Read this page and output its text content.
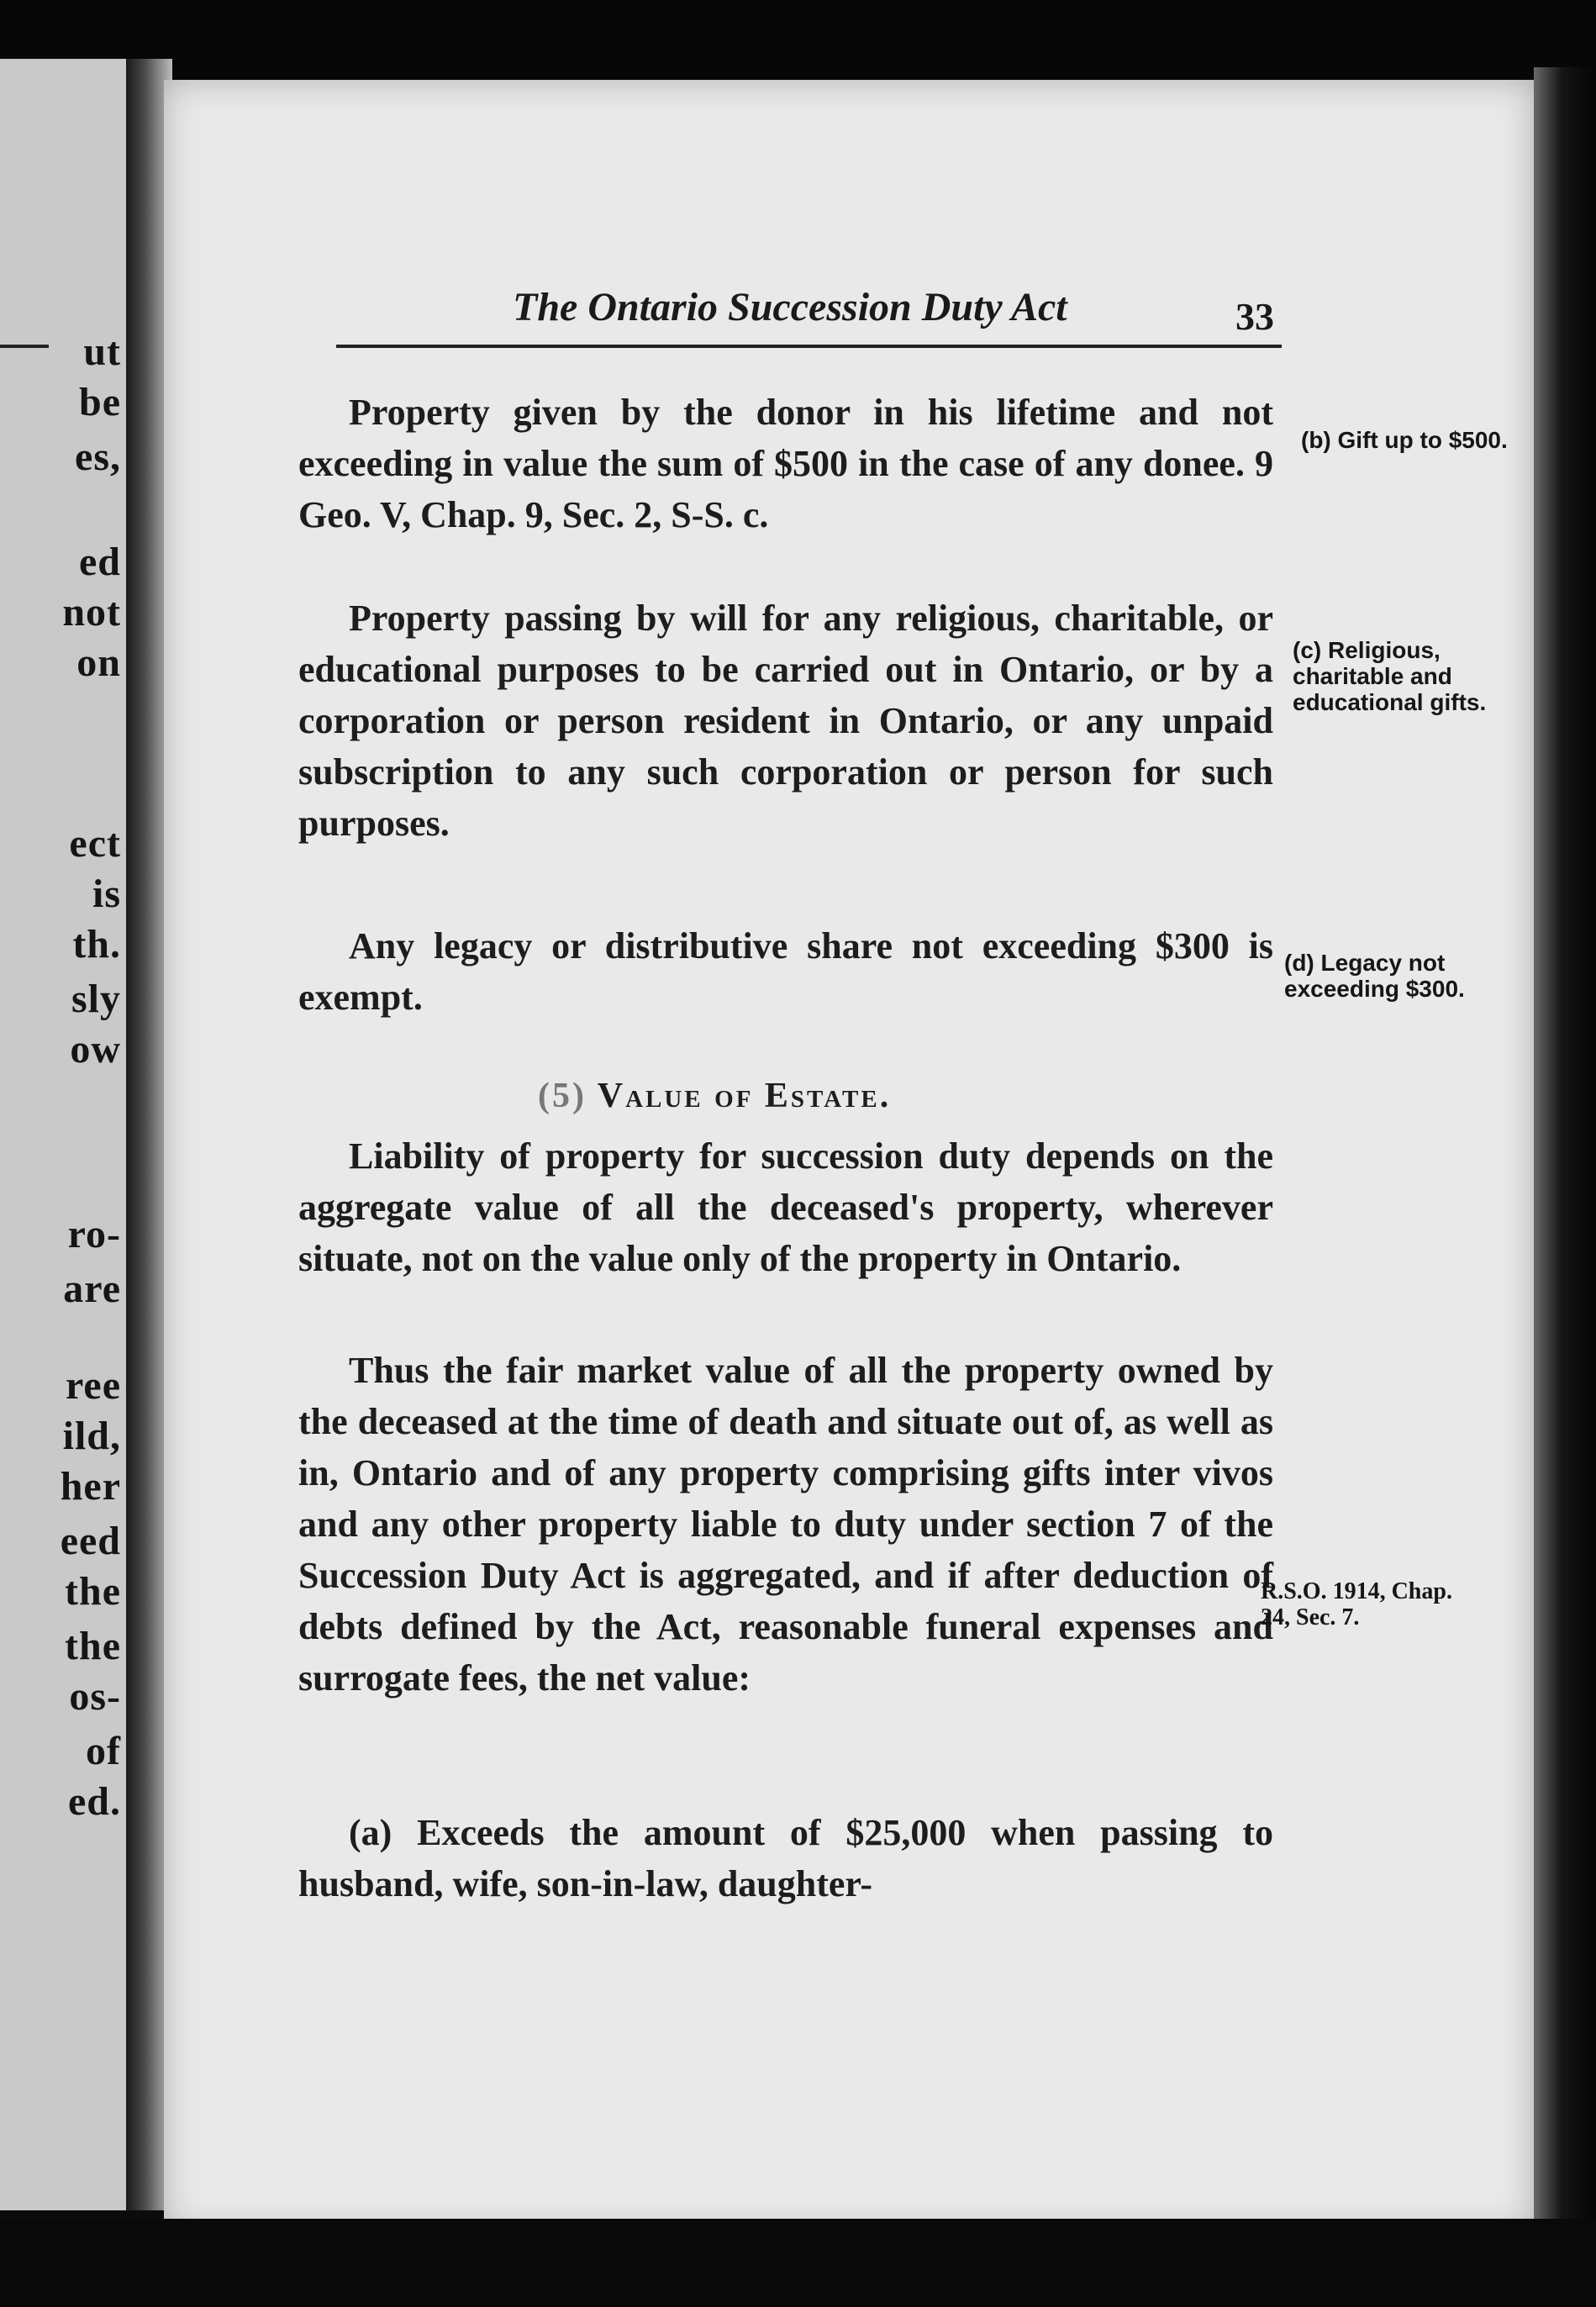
ut
be
es,
ed
not
on
ect
is
th.
sly
ow
ro-
are
ree
ild,
her
eed
the
the
os-
of
ed.
The Ontario Succession Duty Act	33

Property given by the donor in his lifetime and not exceeding in value the sum of $500 in the case of any donee. 9 Geo. V, Chap. 9, Sec. 2, S-S. c.

Property passing by will for any religious, charitable, or educational purposes to be carried out in Ontario, or by a corporation or person resident in Ontario, or any unpaid subscription to any such corporation or person for such purposes.

Any legacy or distributive share not exceeding $300 is exempt.

(5) Value of Estate.

Liability of property for succession duty depends on the aggregate value of all the deceased's property, wherever situate, not on the value only of the property in Ontario.

Thus the fair market value of all the property owned by the deceased at the time of death and situate out of, as well as in, Ontario and of any property comprising gifts inter vivos and any other property liable to duty under section 7 of the Succession Duty Act is aggregated, and if after deduction of debts defined by the Act, reasonable funeral expenses and surrogate fees, the net value:

(a) Exceeds the amount of $25,000 when passing to husband, wife, son-in-law, daughter-

(b) Gift up to $500.

(c) Religious, charitable and educational gifts.

(d) Legacy not exceeding $300.

R.S.O. 1914, Chap. 24, Sec. 7.
